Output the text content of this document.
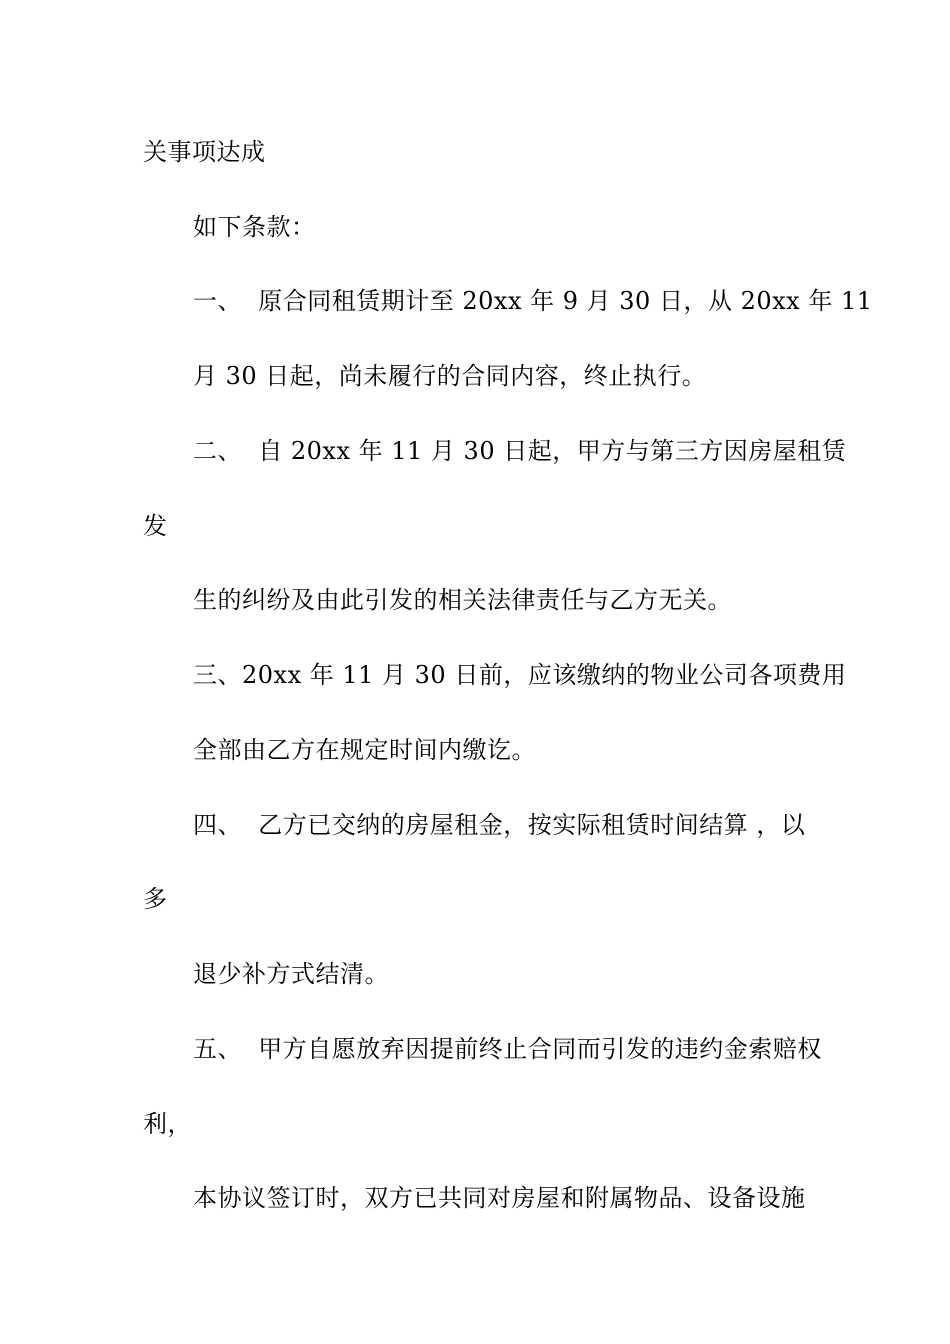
关事项达成
如下条款：
一、  原合同租赁期计至 20xx 年 9 月 30 日，从 20xx 年 11
月 30 日起，尚未履行的合同内容，终止执行。
二、  自 20xx 年 11 月 30 日起，甲方与第三方因房屋租赁
发
生的纠纷及由此引发的相关法律责任与乙方无关。
三、20xx 年 11 月 30 日前，应该缴纳的物业公司各项费用
全部由乙方在规定时间内缴讫。
四、  乙方已交纳的房屋租金，按实际租赁时间结算 ，以
多
退少补方式结清。
五、  甲方自愿放弃因提前终止合同而引发的违约金索赔权
利，
本协议签订时，双方已共同对房屋和附属物品、设备设施
